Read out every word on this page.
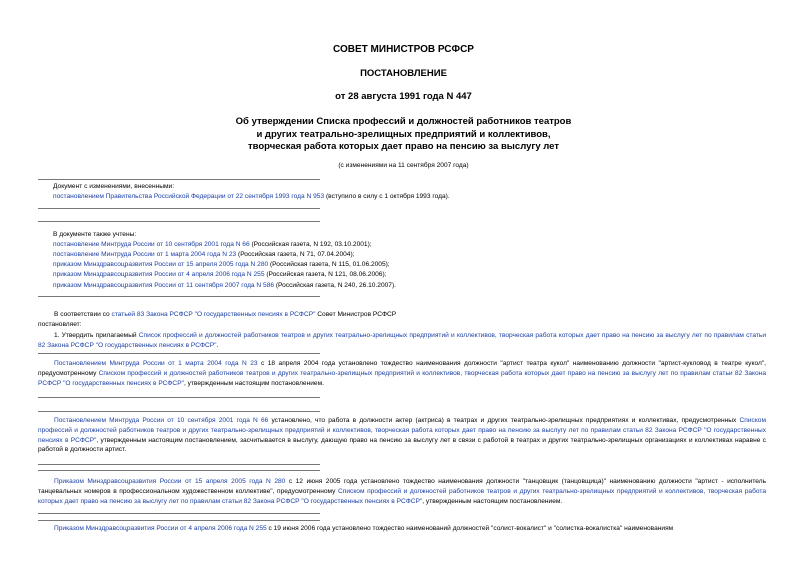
СОВЕТ МИНИСТРОВ РСФСР
ПОСТАНОВЛЕНИЕ
от 28 августа 1991 года N 447
Об утверждении Списка профессий и должностей работников театров
и других театрально-зрелищных предприятий и коллективов,
творческая работа которых дает право на пенсию за выслугу лет
(с изменениями на 11 сентября 2007 года)
Документ с изменениями, внесенными:
постановлением Правительства Российской Федерации от 22 сентября 1993 года N 953 (вступило в силу с 1 октября 1993 года).
В документе также учтены:
постановление Минтруда России от 10 сентября 2001 года N 66 (Российская газета, N 192, 03.10.2001);
постановление Минтруда России от 1 марта 2004 года N 23 (Российская газета, N 71, 07.04.2004);
приказом Минздравсоцразвития России от 15 апреля 2005 года N 280 (Российская газета, N 115, 01.06.2005);
приказом Минздравсоцразвития России от 4 апреля 2006 года N 255 (Российская газета, N 121, 08.06.2006);
приказом Минздравсоцразвития России от 11 сентября 2007 года N 586 (Российская газета, N 240, 26.10.2007).
В соответствии со статьей 83 Закона РСФСР "О государственных пенсиях в РСФСР" Совет Министров РСФСР
постановляет:
1. Утвердить прилагаемый Список профессий и должностей работников театров и других театрально-зрелищных предприятий и коллективов, творческая работа которых дает право на пенсию за выслугу лет по правилам статьи 82 Закона РСФСР "О государственных пенсиях в РСФСР".
Постановлением Минтруда России от 1 марта 2004 года N 23 с 18 апреля 2004 года установлено тождество наименования должности "артист театра кукол" наименованию должности "артист-кукловод в театре кукол", предусмотренному Списком профессий и должностей работников театров и других театрально-зрелищных предприятий и коллективов, творческая работа которых дает право на пенсию за выслугу лет по правилам статьи 82 Закона РСФСР "О государственных пенсиях в РСФСР", утвержденным настоящим постановлением.
Постановлением Минтруда России от 10 сентября 2001 года N 66 установлено, что работа в должности актер (актриса) в театрах и других театрально-зрелищных предприятиях и коллективах, предусмотренных Списком профессий и должностей работников театров и других театрально-зрелищных предприятий и коллективов, творческая работа которых дает право на пенсию за выслугу лет по правилам статьи 82 Закона РСФСР "О государственных пенсиях в РСФСР", утвержденным настоящим постановлением, засчитывается в выслугу, дающую право на пенсию за выслугу лет в связи с работой в театрах и других театрально-зрелищных организациях и коллективах наравне с работой в должности артист.
Приказом Минздравсоцразвития России от 15 апреля 2005 года N 280 с 12 июня 2005 года установлено тождество наименования должности "танцовщик (танцовщица)" наименованию должности "артист - исполнитель танцевальных номеров в профессиональном художественном коллективе", предусмотренному Списком профессий и должностей работников театров и других театрально-зрелищных предприятий и коллективов, творческая работа которых дает право на пенсию за выслугу лет по правилам статьи 82 Закона РСФСР "О государственных пенсиях в РСФСР", утвержденным настоящим постановлением.
Приказом Минздравсоцразвития России от 4 апреля 2006 года N 255 с 19 июня 2006 года установлено тождество наименований должностей "солист-вокалист" и "солистка-вокалистка" наименованиям
